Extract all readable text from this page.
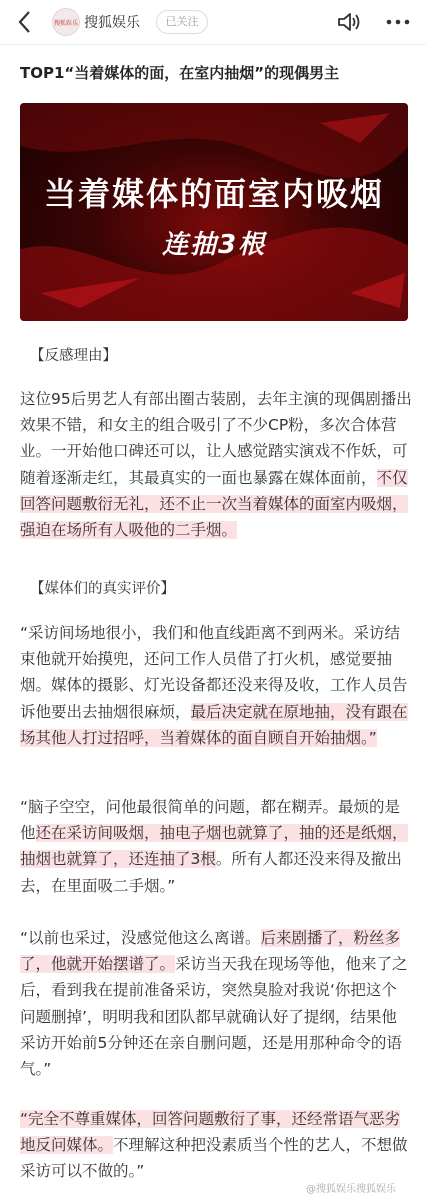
搜狐娱乐 搜狐娱乐	已关注
TOP1“当着媒体的面，在室内抽烟”的现偶男主
当着媒体的面室内吸烟
连抽3根
【反感理由】
这位95后男艺人有部出圈古装剧，去年主演的现偶剧播出效果不错，和女主的组合吸引了不少CP粉，多次合体营业。一开始他口碑还可以，让人感觉踏实演戏不作妖，可随着逐渐走红，其最真实的一面也暴露在媒体面前，不仅回答问题敷衍无礼，还不止一次当着媒体的面室内吸烟，强迫在场所有人吸他的二手烟。
【媒体们的真实评价】
“采访间场地很小，我们和他直线距离不到两米。采访结束他就开始摸兜，还问工作人员借了打火机，感觉要抽烟。媒体的摄影、灯光设备都还没来得及收，工作人员告诉他要出去抽烟很麻烦，最后决定就在原地抽，没有跟在场其他人打过招呼，当着媒体的面自顾自开始抽烟。”
“脑子空空，问他最很简单的问题，都在糊弄。最烦的是他还在采访间吸烟，抽电子烟也就算了，抽的还是纸烟，抽烟也就算了，还连抽了3根。所有人都还没来得及撤出去，在里面吸二手烟。”
“以前也采过，没感觉他这么离谱。后来剧播了，粉丝多了，他就开始摆谱了。采访当天我在现场等他，他来了之后，看到我在提前准备采访，突然臭脸对我说‘你把这个问题删掉’，明明我和团队都早就确认好了提纲，结果他采访开始前5分钟还在亲自删问题，还是用那种命令的语气。”
“完全不尊重媒体，回答问题敷衍了事，还经常语气恶劣地反问媒体。不理解这种把没素质当个性的艺人，不想做采访可以不做的。”
@搜狐娱乐搜狐娱乐
